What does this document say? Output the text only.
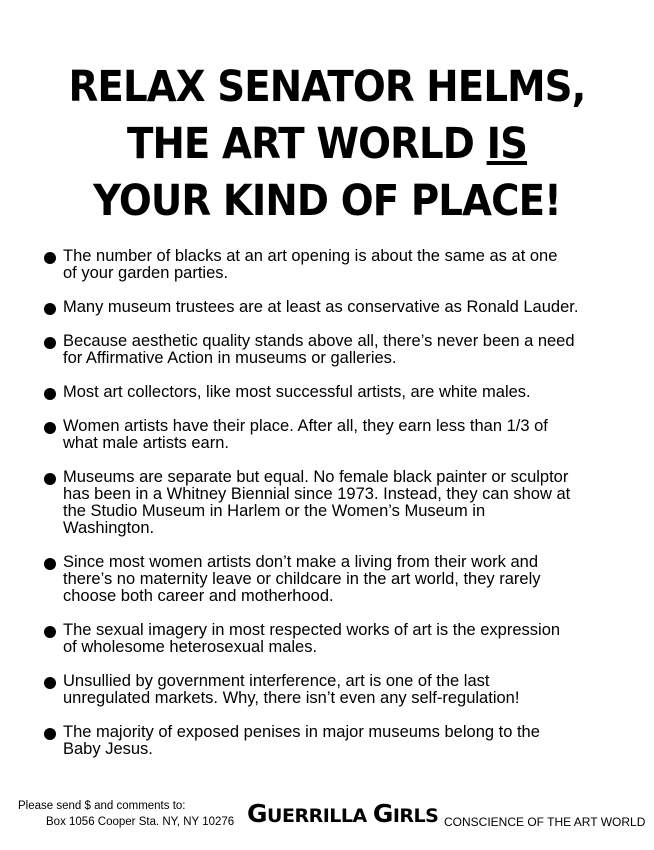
RELAX SENATOR HELMS,
THE ART WORLD IS
YOUR KIND OF PLACE!
The number of blacks at an art opening is about the same as at one
of your garden parties.
Many museum trustees are at least as conservative as Ronald Lauder.
Because aesthetic quality stands above all, there’s never been a need
for Affirmative Action in museums or galleries.
Most art collectors, like most successful artists, are white males.
Women artists have their place. After all, they earn less than 1/3 of
what male artists earn.
Museums are separate but equal. No female black painter or sculptor
has been in a Whitney Biennial since 1973. Instead, they can show at
the Studio Museum in Harlem or the Women’s Museum in
Washington.
Since most women artists don’t make a living from their work and
there’s no maternity leave or childcare in the art world, they rarely
choose both career and motherhood.
The sexual imagery in most respected works of art is the expression
of wholesome heterosexual males.
Unsullied by government interference, art is one of the last
unregulated markets. Why, there isn’t even any self-regulation!
The majority of exposed penises in major museums belong to the
Baby Jesus.
Please send $ and comments to:
Box 1056 Cooper Sta. NY, NY 10276 GUERRILLA GIRLS CONSCIENCE OF THE ART WORLD
